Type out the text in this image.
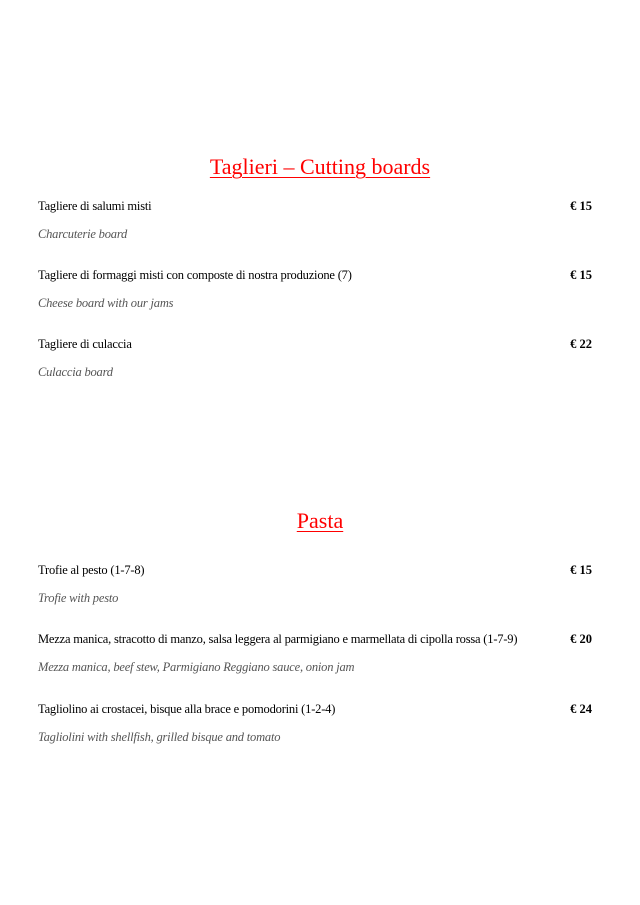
Taglieri – Cutting boards
Tagliere di salumi misti	€ 15
Charcuterie board
Tagliere di formaggi misti con composte di nostra produzione (7)	€ 15
Cheese board with our jams
Tagliere di culaccia	€ 22
Culaccia board
Pasta
Trofie al pesto (1-7-8)	€ 15
Trofie with pesto
Mezza manica, stracotto di manzo, salsa leggera al parmigiano e marmellata di cipolla rossa (1-7-9)	€ 20
Mezza manica, beef stew, Parmigiano Reggiano sauce, onion jam
Tagliolino ai crostacei, bisque alla brace e pomodorini (1-2-4)	€ 24
Tagliolini with shellfish, grilled bisque and tomato
